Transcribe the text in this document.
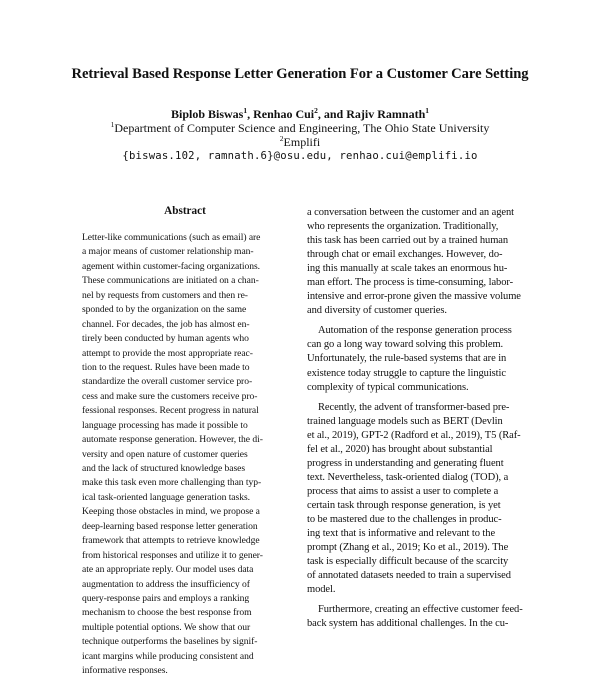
Retrieval Based Response Letter Generation For a Customer Care Setting
Biplob Biswas$^1$, Renhao Cui$^2$, and Rajiv Ramnath$^1$
$^1$Department of Computer Science and Engineering, The Ohio State University
$^2$Emplifi
{biswas.102, ramnath.6}@osu.edu, renhao.cui@emplifi.io
Abstract
Letter-like communications (such as email) are
a major means of customer relationship man-
agement within customer-facing organizations.
These communications are initiated on a chan-
nel by requests from customers and then re-
sponded to by the organization on the same
channel. For decades, the job has almost en-
tirely been conducted by human agents who
attempt to provide the most appropriate reac-
tion to the request. Rules have been made to
standardize the overall customer service pro-
cess and make sure the customers receive pro-
fessional responses. Recent progress in natural
language processing has made it possible to
automate response generation. However, the di-
versity and open nature of customer queries
and the lack of structured knowledge bases
make this task even more challenging than typ-
ical task-oriented language generation tasks.
Keeping those obstacles in mind, we propose a
deep-learning based response letter generation
framework that attempts to retrieve knowledge
from historical responses and utilize it to gener-
ate an appropriate reply. Our model uses data
augmentation to address the insufficiency of
query-response pairs and employs a ranking
mechanism to choose the best response from
multiple potential options. We show that our
technique outperforms the baselines by signif-
icant margins while producing consistent and
informative responses.
a conversation between the customer and an agent
who represents the organization. Traditionally,
this task has been carried out by a trained human
through chat or email exchanges. However, do-
ing this manually at scale takes an enormous hu-
man effort. The process is time-consuming, labor-
intensive and error-prone given the massive volume
and diversity of customer queries.
Automation of the response generation process
can go a long way toward solving this problem.
Unfortunately, the rule-based systems that are in
existence today struggle to capture the linguistic
complexity of typical communications.
Recently, the advent of transformer-based pre-
trained language models such as BERT (Devlin
et al., 2019), GPT-2 (Radford et al., 2019), T5 (Raf-
fel et al., 2020) has brought about substantial
progress in understanding and generating fluent
text. Nevertheless, task-oriented dialog (TOD), a
process that aims to assist a user to complete a
certain task through response generation, is yet
to be mastered due to the challenges in produc-
ing text that is informative and relevant to the
prompt (Zhang et al., 2019; Ko et al., 2019). The
task is especially difficult because of the scarcity
of annotated datasets needed to train a supervised
model.
Furthermore, creating an effective customer feed-
back system has additional challenges. In the cu-
